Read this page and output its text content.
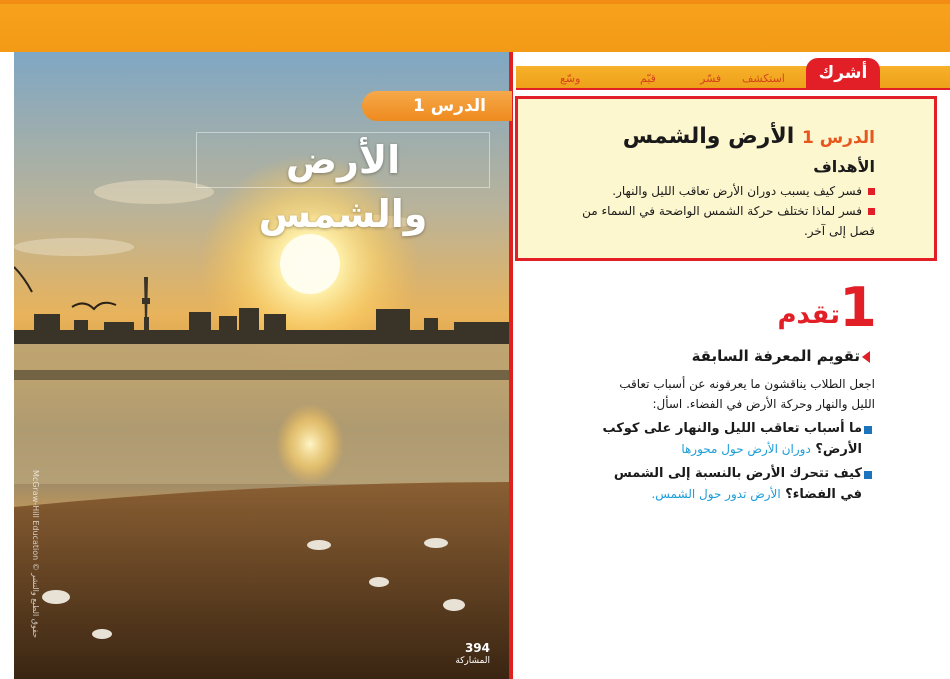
الدرس 1
الأرض والشمس
McGraw-Hill Education ﻿© حقوق الطبع والنشر
394
المشاركة
أشرك
استكشف
فسّر
قيّم
وسّع
الدرس 1 الأرض والشمس
الأهداف
فسر كيف يسبب دوران الأرض تعاقب الليل والنهار.
فسر لماذا تختلف حركة الشمس الواضحة في السماء من فصل إلى آخر.
1
تقدم
تقويم المعرفة السابقة
اجعل الطلاب يناقشون ما يعرفونه عن أسباب تعاقب الليل والنهار وحركة الأرض في الفضاء. اسأل:
ما أسباب تعاقب الليل والنهار على كوكب الأرض؟ دوران الأرض حول محورها
كيف تتحرك الأرض بالنسبة إلى الشمس في الفضاء؟ الأرض تدور حول الشمس.
